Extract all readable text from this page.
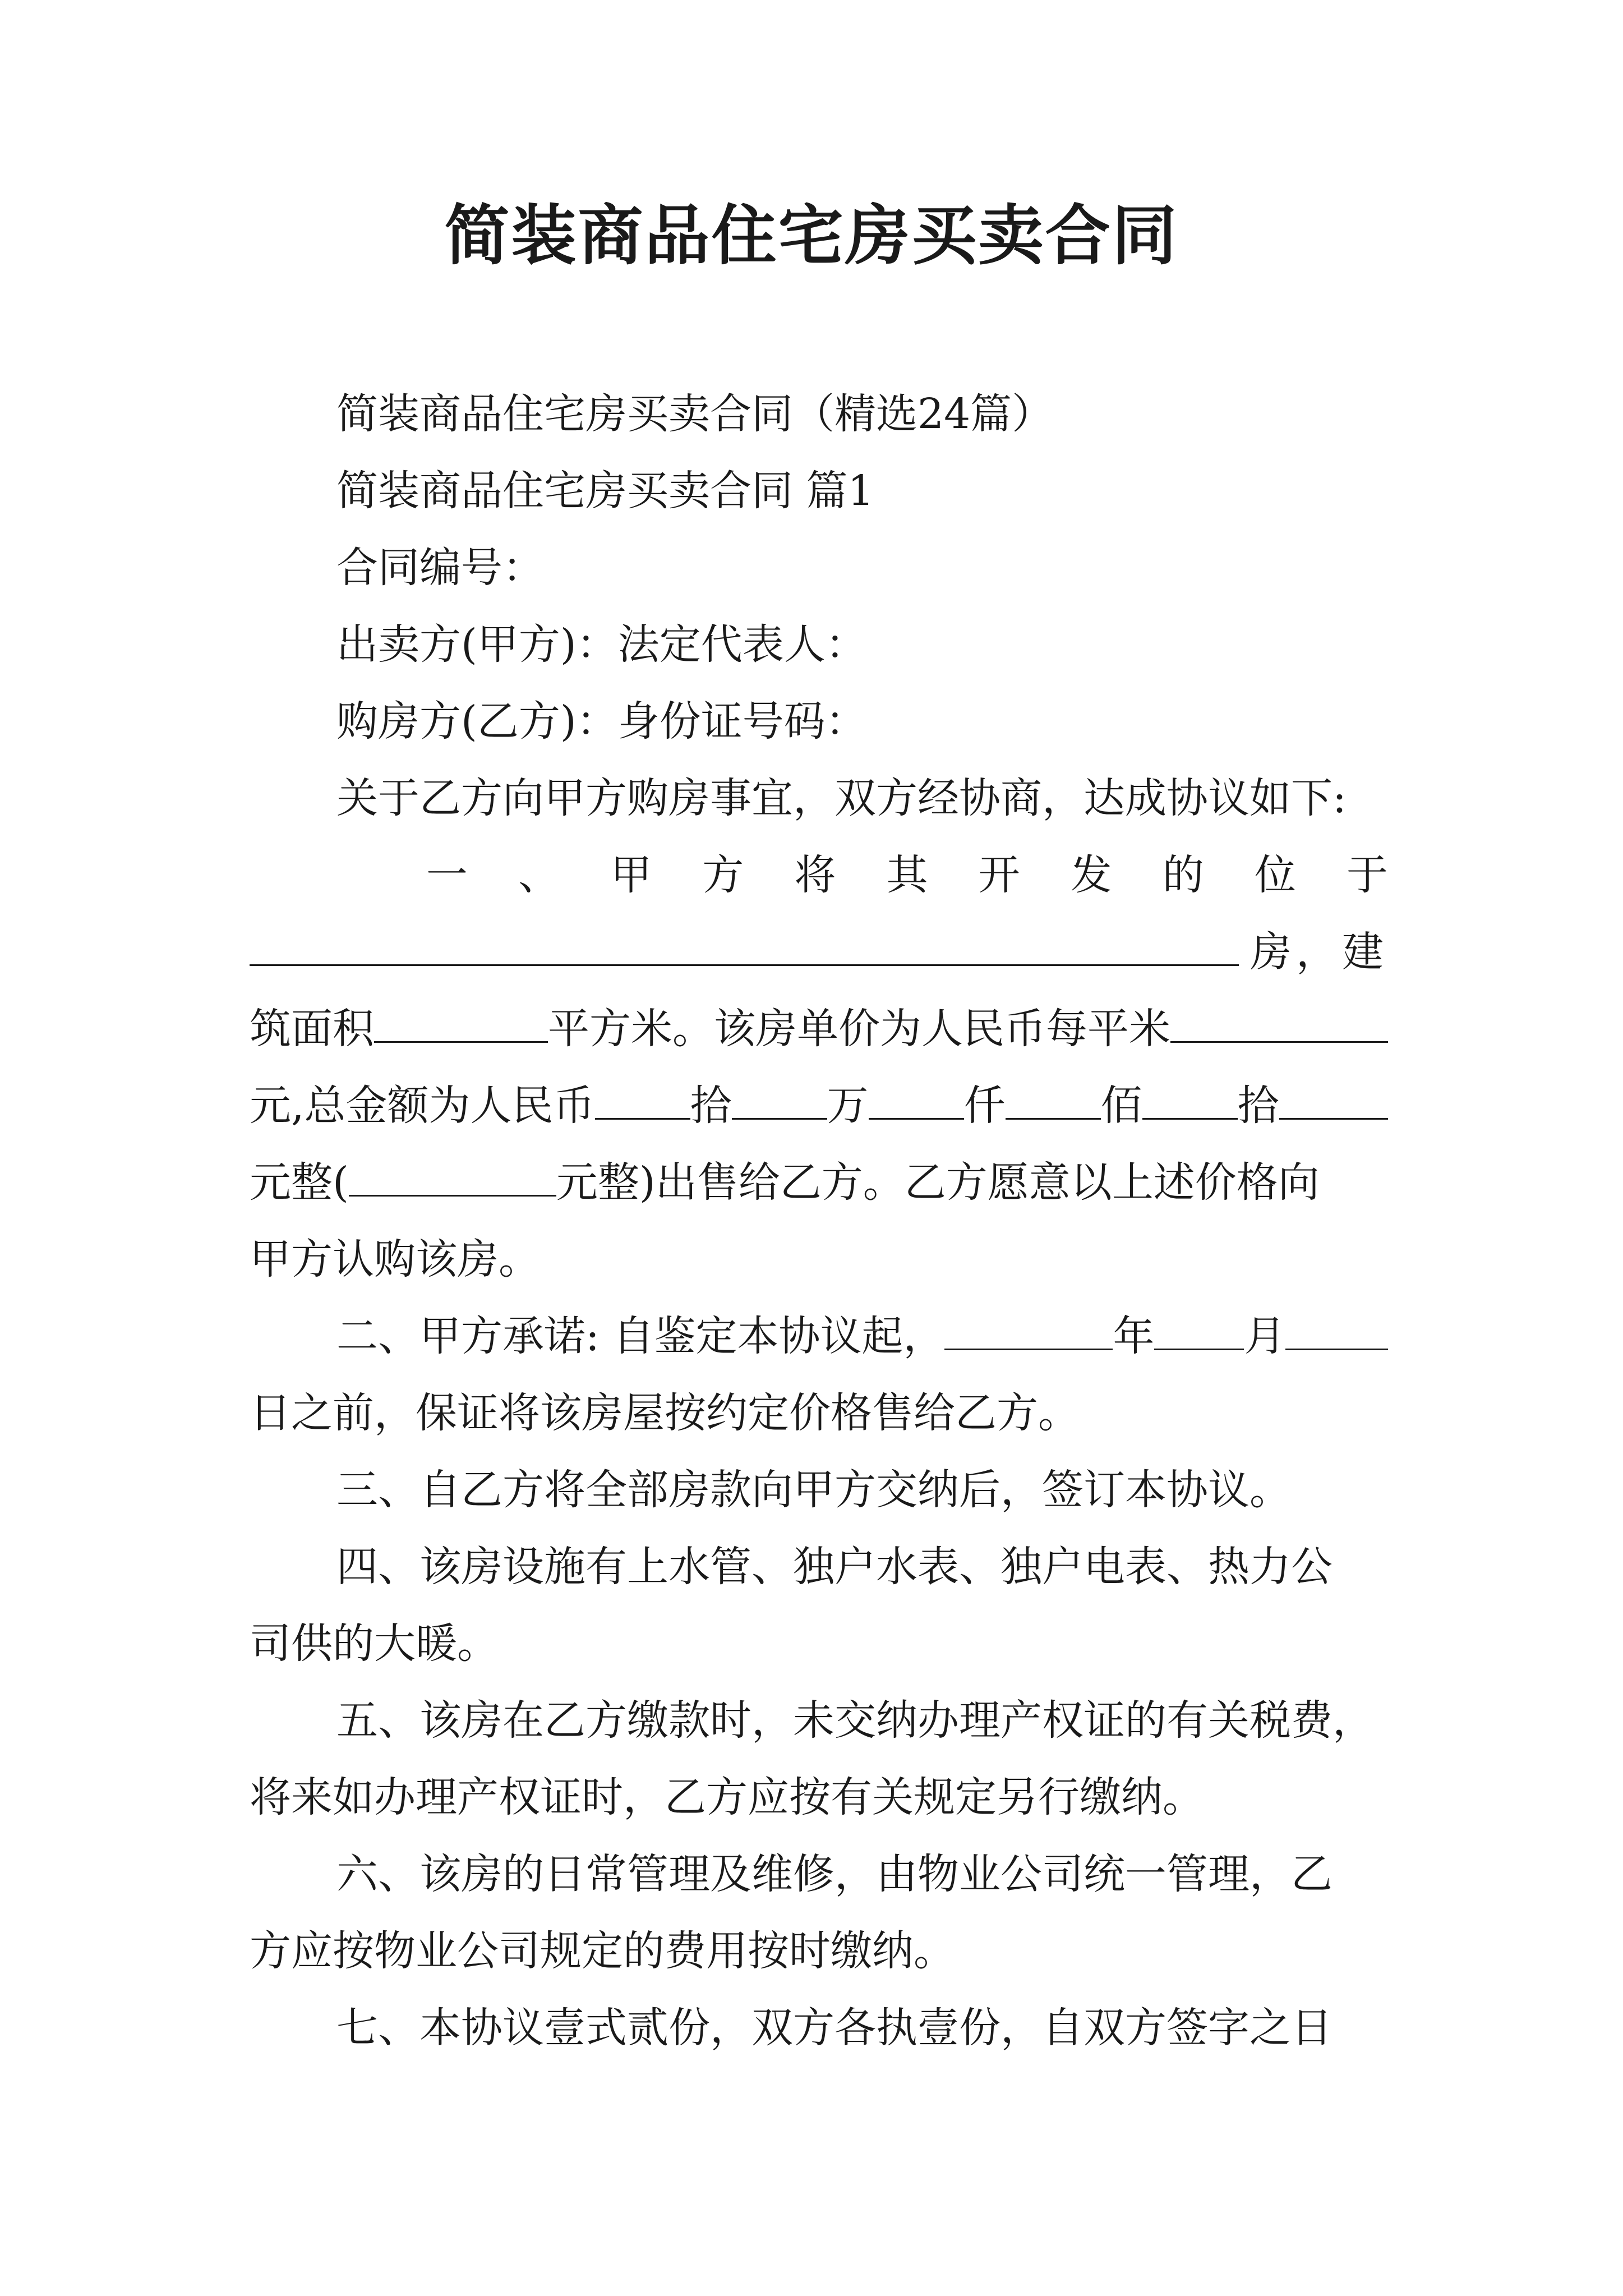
简装商品住宅房买卖合同
简装商品住宅房买卖合同（精选24篇）
简装商品住宅房买卖合同 篇1
合同编号：
出卖方(甲方)：法定代表人：
购房方(乙方)：身份证号码：
关于乙方向甲方购房事宜，双方经协商，达成协议如下:
一 、 甲 方 将 其 开 发 的 位 于
房，建
筑面积	平方米。该房单价为人民币每平米
元,总金额为人民币 拾 万 仟 佰 拾
元整(	元整)出售给乙方。乙方愿意以上述价格向
甲方认购该房。
二、甲方承诺: 自鉴定本协议起，	年 月
日之前，保证将该房屋按约定价格售给乙方。
三、自乙方将全部房款向甲方交纳后，签订本协议。
四、该房设施有上水管、独户水表、独户电表、热力公
司供的大暖。
五、该房在乙方缴款时，未交纳办理产权证的有关税费，
将来如办理产权证时，乙方应按有关规定另行缴纳。
六、该房的日常管理及维修，由物业公司统一管理，乙
方应按物业公司规定的费用按时缴纳。
七、本协议壹式贰份，双方各执壹份，自双方签字之日
